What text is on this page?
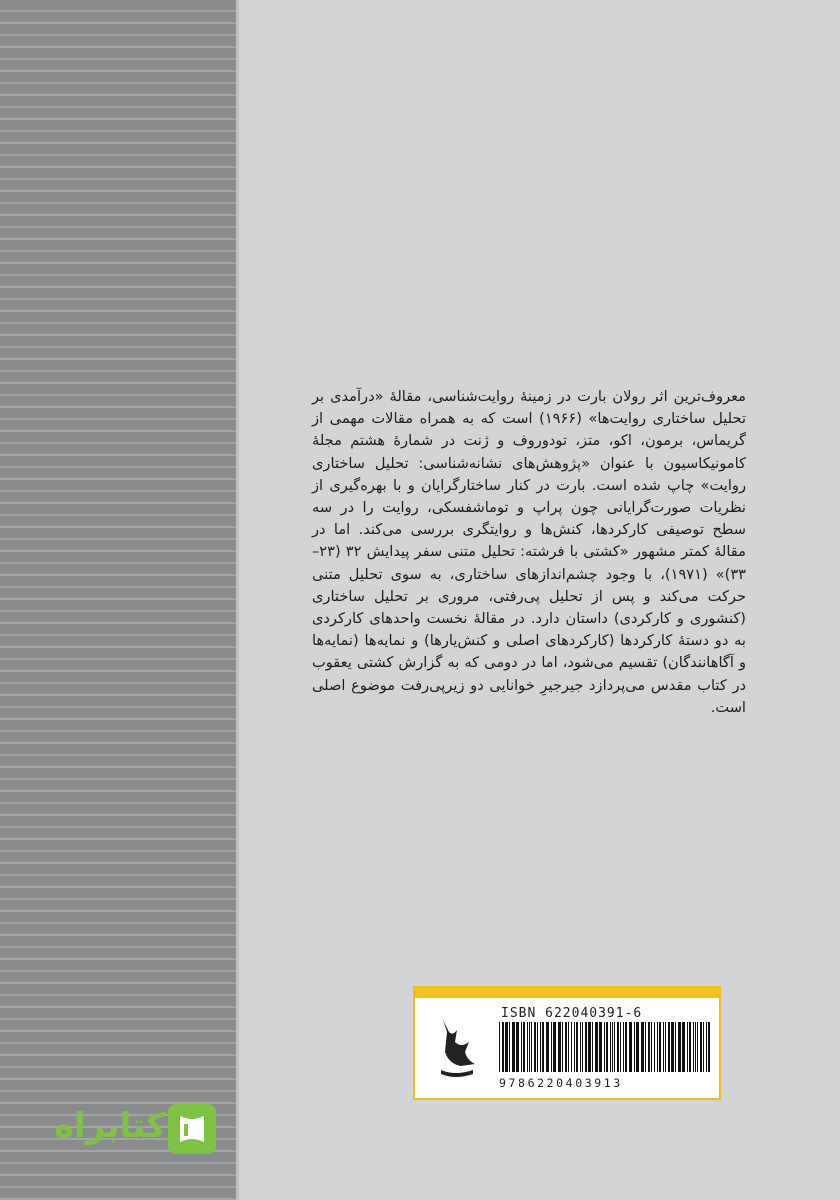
معروف‌ترین اثر رولان بارت در زمینهٔ روایت‌شناسی، مقالهٔ «درآمدی بر تحلیل ساختاری روایت‌ها» (۱۹۶۶) است که به همراه مقالات مهمی از گریماس، برمون، اکو، متز، تودوروف و ژنت در شمارهٔ هشتم مجلهٔ کامونیکاسیون با عنوان «پژوهش‌های نشانه‌شناسی: تحلیل ساختاری روایت» چاپ شده است. بارت در کنار ساختارگرایان و با بهره‌گیری از نظریات صورت‌گرایانی چون پراپ و توماشفسکی، روایت را در سه سطح توصیفی کارکردها، کنش‌ها و روایتگری بررسی می‌کند. اما در مقالهٔ کمتر مشهور «کشتی با فرشته: تحلیل متنی سفر پیدایش ۳۲ (۲۳–۳۳)» (۱۹۷۱)، با وجود چشم‌اندازهای ساختاری، به سوی تحلیل متنی حرکت می‌کند و پس از تحلیل پی‌رفتی، مروری بر تحلیل ساختاری (کنشوری و کارکردی) داستان دارد. در مقالهٔ نخست واحدهای کارکردی به دو دستهٔ کارکردها (کارکردهای اصلی و کنش‌یارها) و نمایه‌ها (نمایه‌ها و آگاهانندگان) تقسیم می‌شود، اما در دومی که به گزارش کشتی یعقوب در کتاب مقدس می‌پردازد جیرجیرِ خوانایی دو زیرپی‌رفت موضوع اصلی است.

ISBN 622040391-6
9786220403913
کتابراه
